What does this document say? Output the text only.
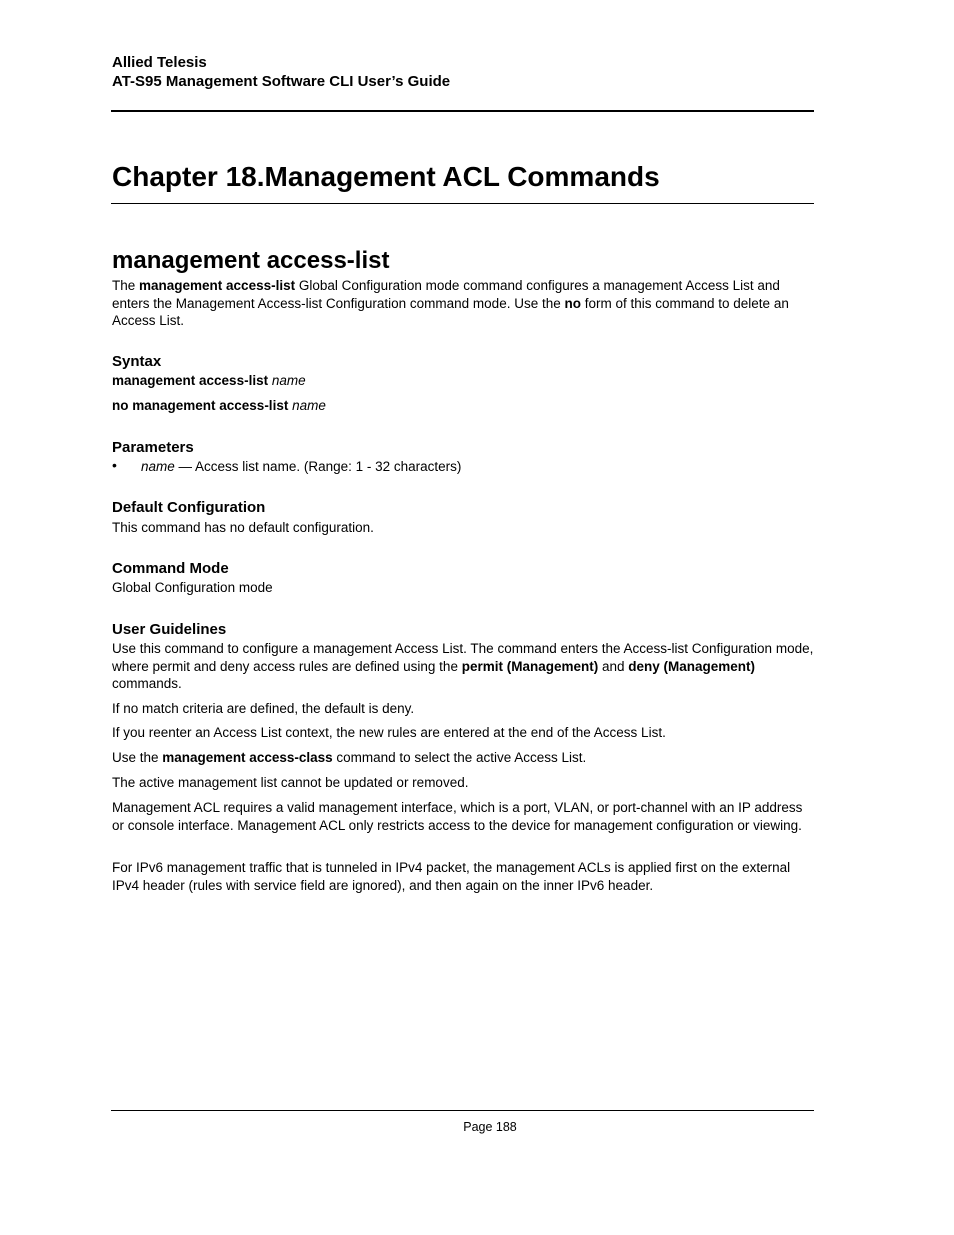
Allied Telesis
AT-S95 Management Software CLI User’s Guide
Chapter 18.Management ACL Commands
management access-list

The management access-list Global Configuration mode command configures a management Access List and enters the Management Access-list Configuration command mode. Use the no form of this command to delete an Access List.

Syntax
management access-list name
no management access-list name
Parameters
• name — Access list name. (Range: 1 - 32 characters)
Default Configuration
This command has no default configuration.
Command Mode
Global Configuration mode
User Guidelines

Use this command to configure a management Access List. The command enters the Access-list Configuration mode, where permit and deny access rules are defined using the permit (Management) and deny (Management) commands.

If no match criteria are defined, the default is deny.
If you reenter an Access List context, the new rules are entered at the end of the Access List.
Use the management access-class command to select the active Access List.
The active management list cannot be updated or removed.
Management ACL requires a valid management interface, which is a port, VLAN, or port-channel with an IP address or console interface. Management ACL only restricts access to the device for management configuration or viewing.
For IPv6 management traffic that is tunneled in IPv4 packet, the management ACLs is applied first on the external IPv4 header (rules with service field are ignored), and then again on the inner IPv6 header.
Page 188
